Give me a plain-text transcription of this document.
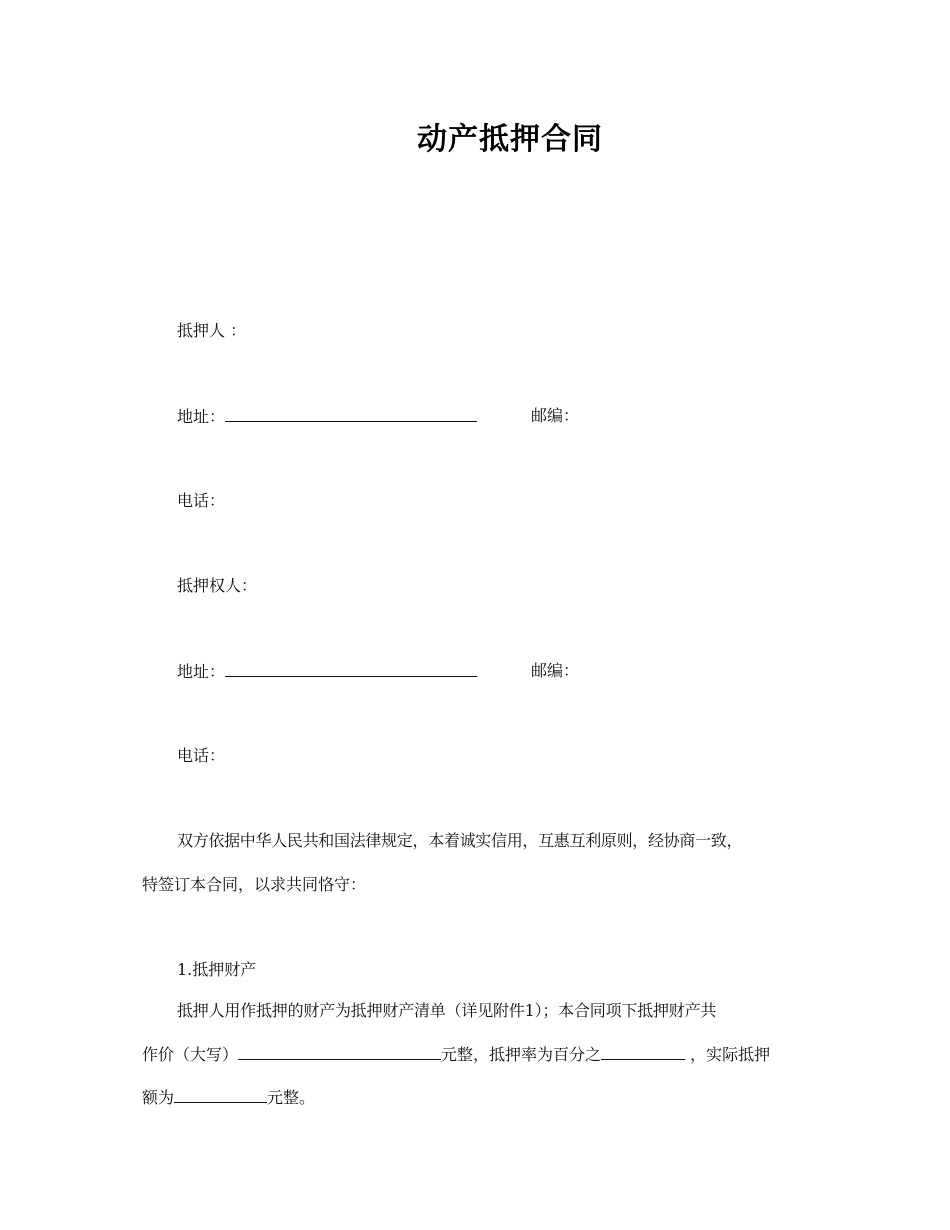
动产抵押合同
抵押人 ：
地址：	邮编：
电话：
抵押权人：
地址：	邮编：
电话：
双方依据中华人民共和国法律规定，本着诚实信用，互惠互利原则，经协商一致，
特签订本合同，以求共同恪守：
1.抵押财产
抵押人用作抵押的财产为抵押财产清单（详见附件1）；本合同项下抵押财产共
作价（大写）	元整，抵押率为百分之	，实际抵押
额为	元整。
